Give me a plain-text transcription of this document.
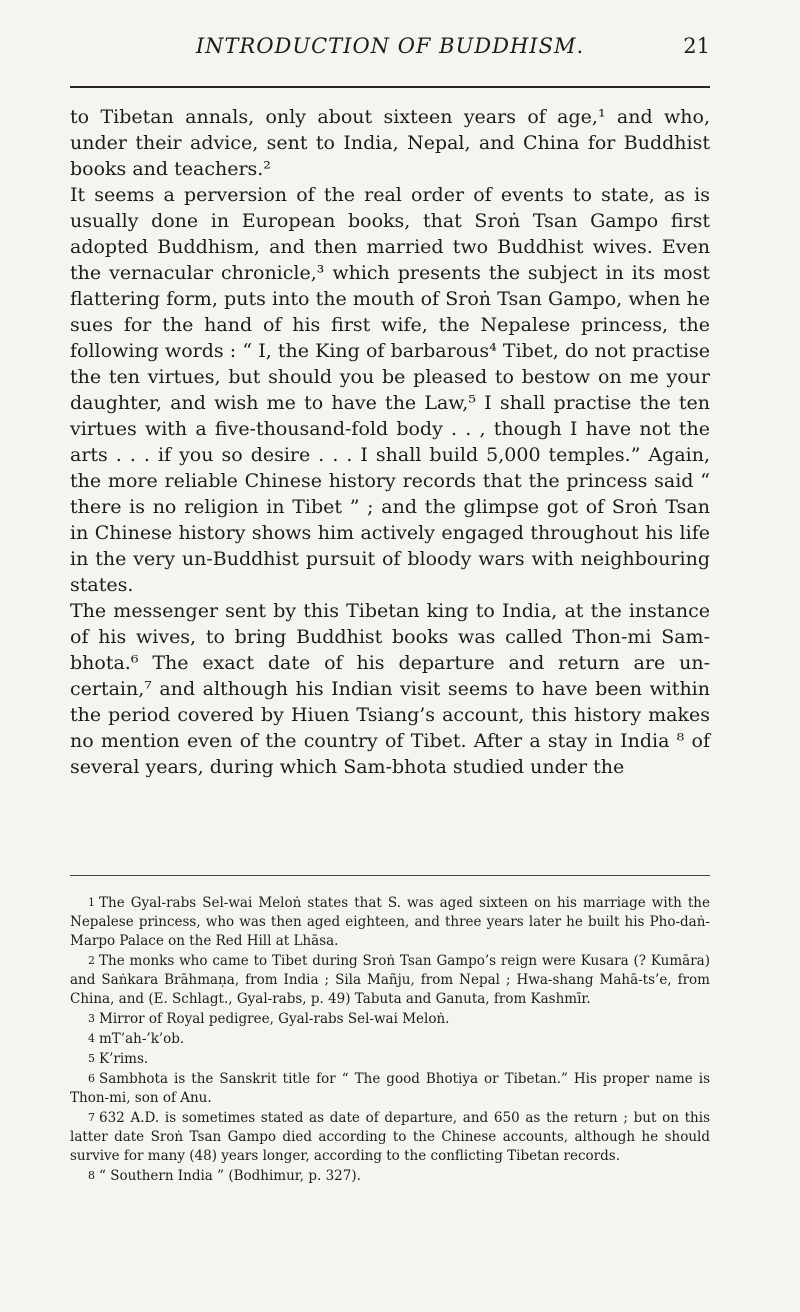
INTRODUCTION OF BUDDHISM.	21

to Tibetan annals, only about sixteen years of age,¹ and who, under their advice, sent to India, Nepal, and China for Buddhist books and teachers.²

It seems a perversion of the real order of events to state, as is usually done in European books, that Sroṅ Tsan Gampo first adopted Buddhism, and then married two Buddhist wives. Even the vernacular chronicle,³ which presents the subject in its most flattering form, puts into the mouth of Sroṅ Tsan Gampo, when he sues for the hand of his first wife, the Nepalese princess, the following words : “ I, the King of barbarous⁴ Tibet, do not practise the ten virtues, but should you be pleased to bestow on me your daughter, and wish me to have the Law,⁵ I shall practise the ten virtues with a five-thousand-fold body . . , though I have not the arts . . . if you so desire . . . I shall build 5,000 temples.” Again, the more reliable Chinese history records that the princess said “ there is no religion in Tibet ” ; and the glimpse got of Sroṅ Tsan in Chinese history shows him actively engaged throughout his life in the very un-Buddhist pursuit of bloody wars with neighbouring states.

The messenger sent by this Tibetan king to India, at the instance of his wives, to bring Buddhist books was called Thon-mi Sam-bhota.⁶ The exact date of his departure and return are un-certain,⁷ and although his Indian visit seems to have been within the period covered by Hiuen Tsiang’s account, this history makes no mention even of the country of Tibet. After a stay in India ⁸ of several years, during which Sam-bhota studied under the

1 The Gyal-rabs Sel-wai Meloṅ states that S. was aged sixteen on his marriage with the Nepalese princess, who was then aged eighteen, and three years later he built his Pho-daṅ-Marpo Palace on the Red Hill at Lhāsa.

2 The monks who came to Tibet during Sroṅ Tsan Gampo’s reign were Kusara (? Kumāra) and Saṅkara Brāhmaṇa, from India ; Sila Mañju, from Nepal ; Hwa-shang Mahā-ts’e, from China, and (E. Schlagt., Gyal-rabs, p. 49) Tabuta and Ganuta, from Kashmīr.

3 Mirror of Royal pedigree, Gyal-rabs Sel-wai Meloṅ.

4 mT’ah-’k’ob.

5 K’rims.

6 Sambhota is the Sanskrit title for “ The good Bhotiya or Tibetan.” His proper name is Thon-mi, son of Anu.

7 632 A.D. is sometimes stated as date of departure, and 650 as the return ; but on this latter date Sroṅ Tsan Gampo died according to the Chinese accounts, although he should survive for many (48) years longer, according to the conflicting Tibetan records.

8 “ Southern India ” (Bodhimur, p. 327).
